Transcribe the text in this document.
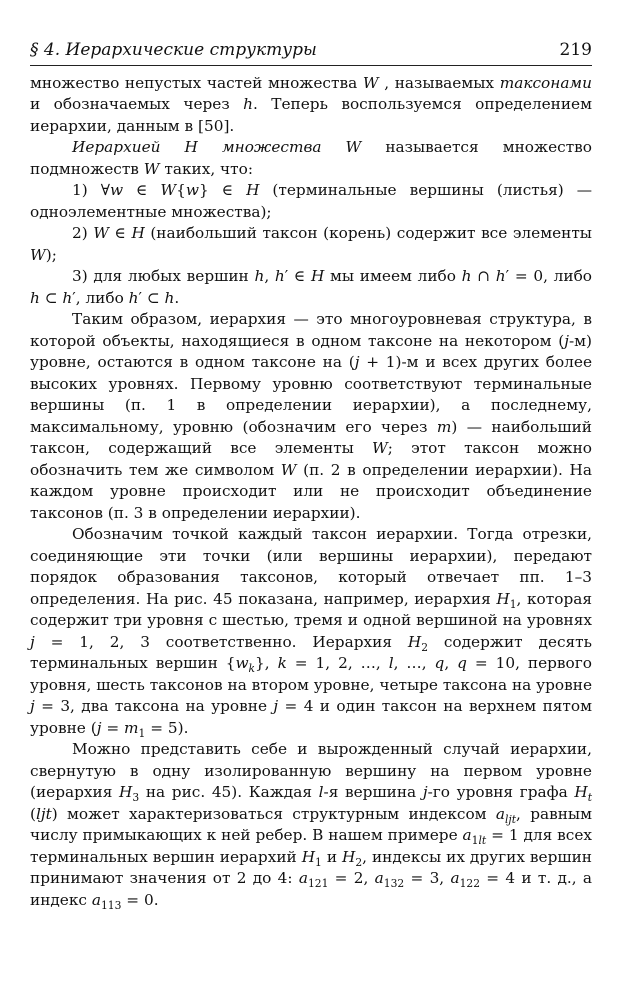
§ 4. Иерархические структуры	219

множество непустых частей множества W , называемых таксонами и обозначаемых через h. Теперь воспользуемся определением иерархии, данным в [50].

Иерархией H множества W называется множество подмножеств W таких, что:

1) ∀w ∈ W{w} ∈ H (терминальные вершины (листья) — одноэлементные множества);

2) W ∈ H (наибольший таксон (корень) содержит все элементы W);

3) для любых вершин h, h′ ∈ H мы имеем либо h ∩ h′ = 0, либо h ⊂ h′, либо h′ ⊂ h.

Таким образом, иерархия — это многоуровневая структура, в которой объекты, находящиеся в одном таксоне на некотором (j-м) уровне, остаются в одном таксоне на (j + 1)-м и всех других более высоких уровнях. Первому уровню соответствуют терминальные вершины (п. 1 в определении иерархии), а последнему, максимальному, уровню (обозначим его через m) — наибольший таксон, содержащий все элементы W; этот таксон можно обозначить тем же символом W (п. 2 в определении иерархии). На каждом уровне происходит или не происходит объединение таксонов (п. 3 в определении иерархии).

Обозначим точкой каждый таксон иерархии. Тогда отрезки, соединяющие эти точки (или вершины иерархии), передают порядок образования таксонов, который отвечает пп. 1–3 определения. На рис. 45 показана, например, иерархия $H_1$, которая содержит три уровня с шестью, тремя и одной вершиной на уровнях j = 1, 2, 3 соответственно. Иерархия $H_2$ содержит десять терминальных вершин $\{w_k\}$, k = 1, 2, …, l, …, q, q = 10, первого уровня, шесть таксонов на втором уровне, четыре таксона на уровне j = 3, два таксона на уровне j = 4 и один таксон на верхнем пятом уровне $(j = m_1 = 5)$.

Можно представить себе и вырожденный случай иерархии, свернутую в одну изолированную вершину на первом уровне (иерархия $H_3$ на рис. 45). Каждая l-я вершина j-го уровня графа $H_t$ (ljt) может характеризоваться структурным индексом $a_{ljt}$, равным числу примыкающих к ней ребер. В нашем примере $a_{1lt} = 1$ для всех терминальных вершин иерархий $H_1$ и $H_2$, индексы их других вершин принимают значения от 2 до 4: $a_{121} = 2$, $a_{132} = 3$, $a_{122} = 4$ и т. д., а индекс $a_{113} = 0$.
